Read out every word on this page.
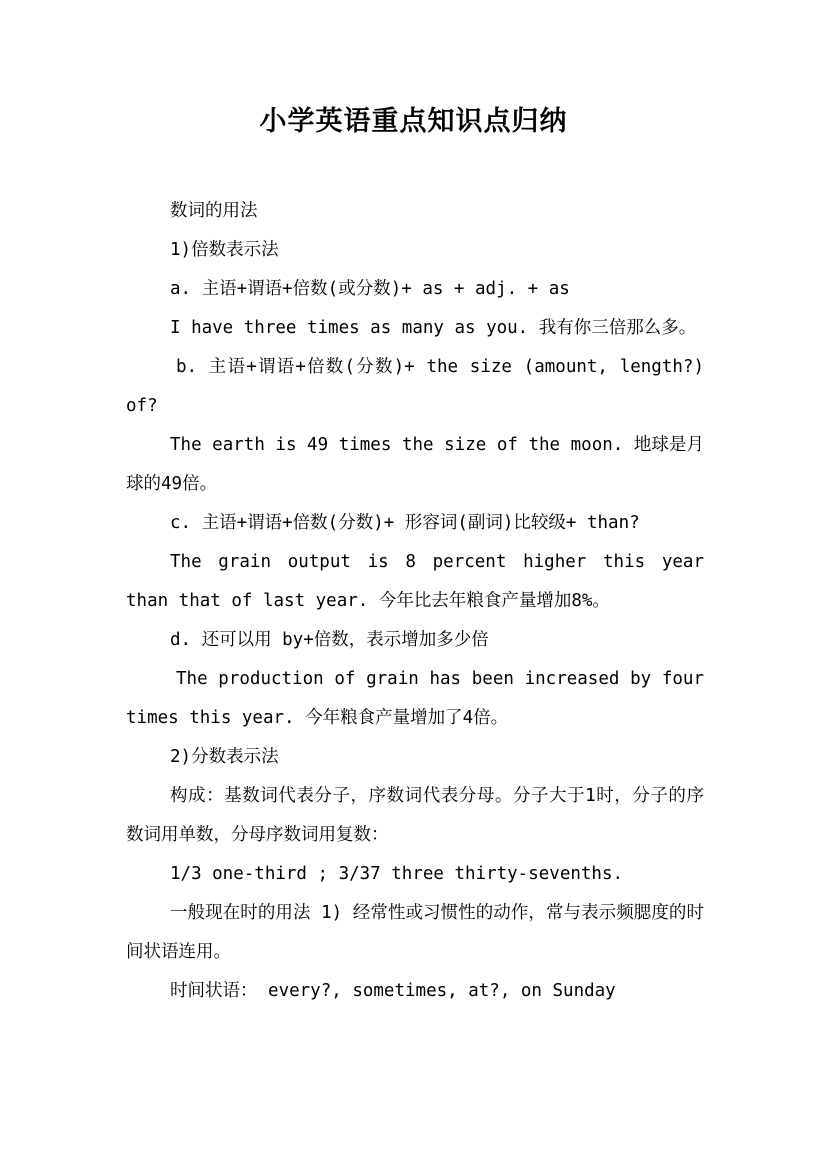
小学英语重点知识点归纳

数词的用法

1)倍数表示法

a. 主语+谓语+倍数(或分数)+ as + adj. + as

I have three times as many as you. 我有你三倍那么多。

b. 主语+谓语+倍数(分数)+ the size (amount, length?) of?

The earth is 49 times the size of the moon. 地球是月球的49倍。

c. 主语+谓语+倍数(分数)+ 形容词(副词)比较级+ than?

The grain output is 8 percent higher this year than that of last year. 今年比去年粮食产量增加8%。

d. 还可以用 by+倍数，表示增加多少倍

The production of grain has been increased by four times this year. 今年粮食产量增加了4倍。

2)分数表示法

构成：基数词代表分子，序数词代表分母。分子大于1时，分子的序数词用单数，分母序数词用复数：

1/3 one-third ; 3/37 three thirty-sevenths.

一般现在时的用法 1) 经常性或习惯性的动作，常与表示频腮度的时间状语连用。

时间状语： every?, sometimes, at?, on Sunday
